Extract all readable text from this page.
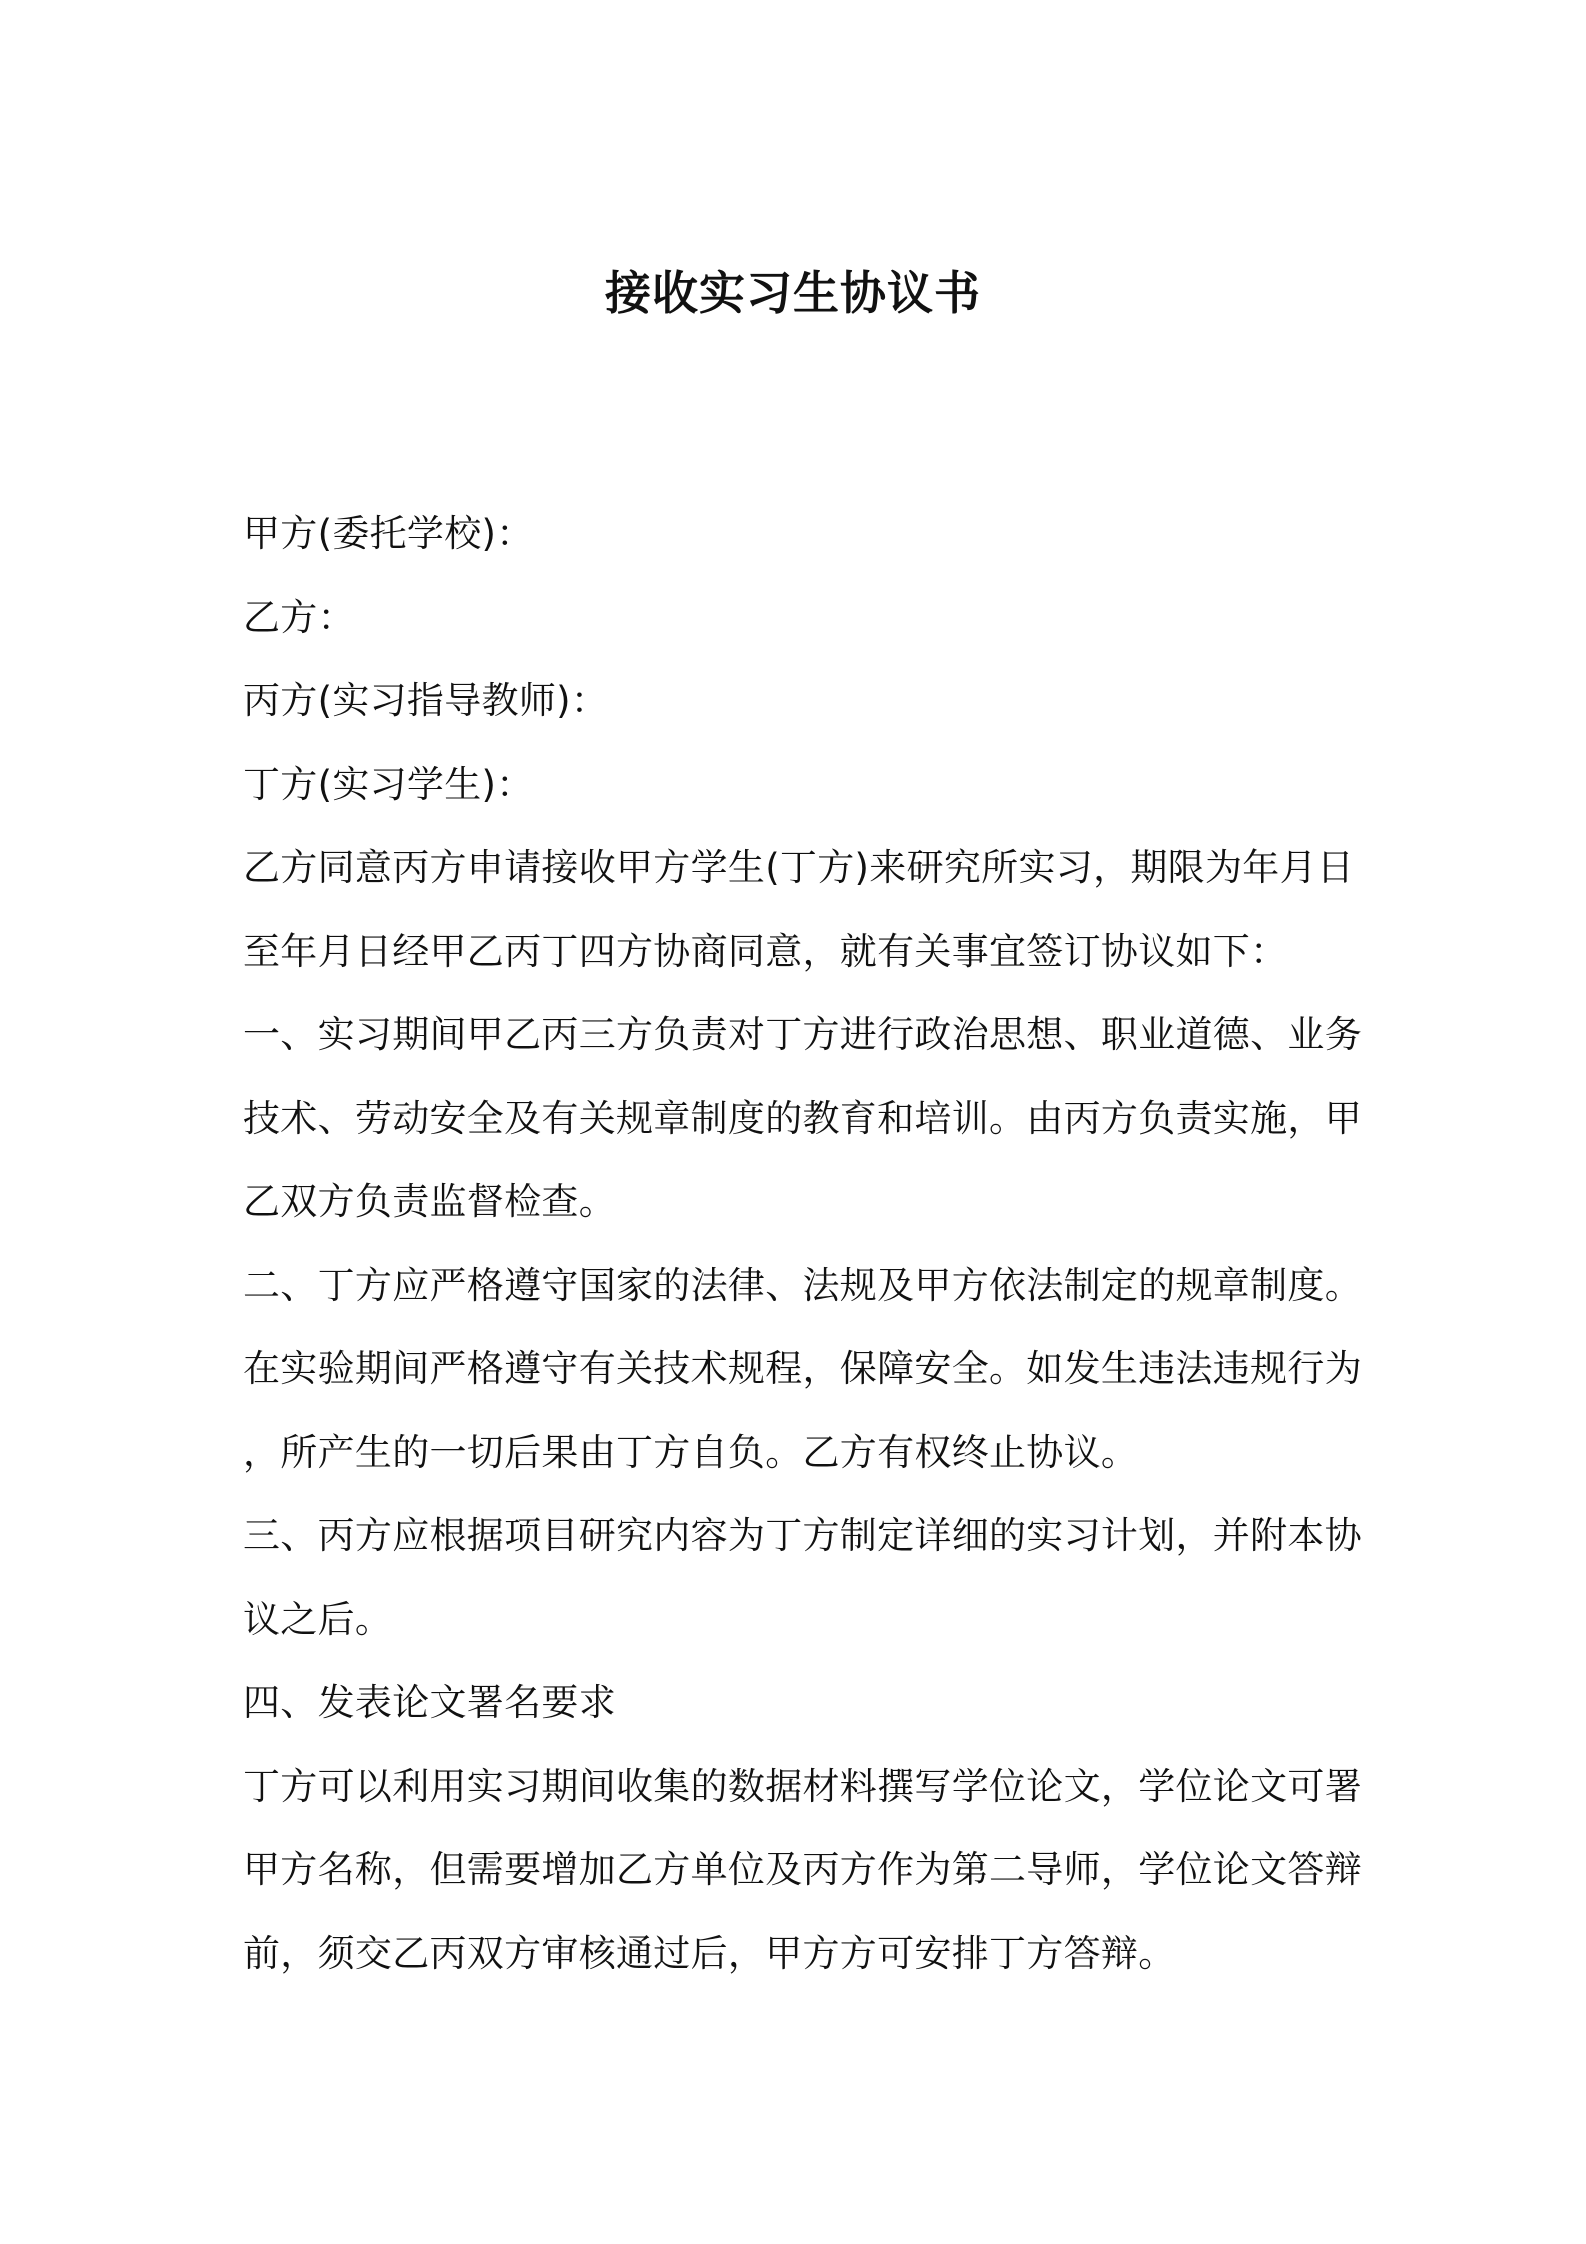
接收实习生协议书
甲方(委托学校)：
乙方：
丙方(实习指导教师)：
丁方(实习学生)：
乙方同意丙方申请接收甲方学生(丁方)来研究所实习，期限为年月日
至年月日经甲乙丙丁四方协商同意，就有关事宜签订协议如下：
一、实习期间甲乙丙三方负责对丁方进行政治思想、职业道德、业务
技术、劳动安全及有关规章制度的教育和培训。由丙方负责实施，甲
乙双方负责监督检查。
二、丁方应严格遵守国家的法律、法规及甲方依法制定的规章制度。
在实验期间严格遵守有关技术规程，保障安全。如发生违法违规行为
，所产生的一切后果由丁方自负。乙方有权终止协议。
三、丙方应根据项目研究内容为丁方制定详细的实习计划，并附本协
议之后。
四、发表论文署名要求
丁方可以利用实习期间收集的数据材料撰写学位论文，学位论文可署
甲方名称，但需要增加乙方单位及丙方作为第二导师，学位论文答辩
前，须交乙丙双方审核通过后，甲方方可安排丁方答辩。
